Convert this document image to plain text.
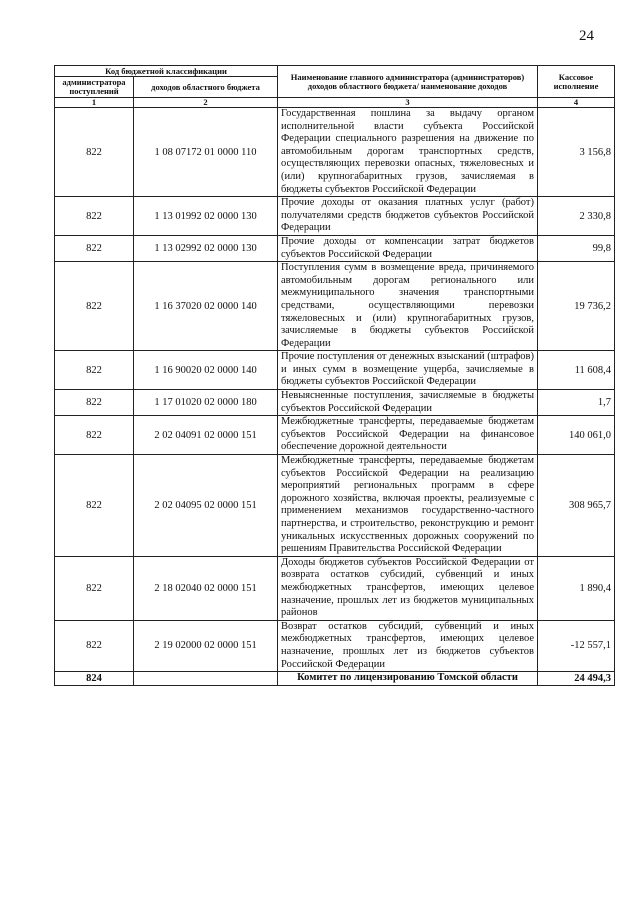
24
Код бюджетной классификации		Наименование главного администратора (администраторов) доходов областного бюджета/ наименование доходов	Кассовое исполнение
администратора поступлений	доходов областного бюджета		
1	2	3	4
822	1 08 07172 01 0000 110	Государственная пошлина за выдачу органом исполнительной власти субъекта Российской Федерации специального разрешения на движение по автомобильным дорогам транспортных средств, осуществляющих перевозки опасных, тяжеловесных и (или) крупногабаритных грузов, зачисляемая в бюджеты субъектов Российской Федерации	3 156,8
822	1 13 01992 02 0000 130	Прочие доходы от оказания платных услуг (работ) получателями средств бюджетов субъектов Российской Федерации	2 330,8
822	1 13 02992 02 0000 130	Прочие доходы от компенсации затрат бюджетов субъектов Российской Федерации	99,8
822	1 16 37020 02 0000 140	Поступления сумм в возмещение вреда, причиняемого автомобильным дорогам регионального или межмуниципального значения транспортными средствами, осуществляющими перевозки тяжеловесных и (или) крупногабаритных грузов, зачисляемые в бюджеты субъектов Российской Федерации	19 736,2
822	1 16 90020 02 0000 140	Прочие поступления от денежных взысканий (штрафов) и иных сумм в возмещение ущерба, зачисляемые в бюджеты субъектов Российской Федерации	11 608,4
822	1 17 01020 02 0000 180	Невыясненные поступления, зачисляемые в бюджеты субъектов Российской Федерации	1,7
822	2 02 04091 02 0000 151	Межбюджетные трансферты, передаваемые бюджетам субъектов Российской Федерации на финансовое обеспечение дорожной деятельности	140 061,0
822	2 02 04095 02 0000 151	Межбюджетные трансферты, передаваемые бюджетам субъектов Российской Федерации на реализацию мероприятий региональных программ в сфере дорожного хозяйства, включая проекты, реализуемые с применением механизмов государственно-частного партнерства, и строительство, реконструкцию и ремонт уникальных искусственных дорожных сооружений по решениям Правительства Российской Федерации	308 965,7
822	2 18 02040 02 0000 151	Доходы бюджетов субъектов Российской Федерации от возврата остатков субсидий, субвенций и иных межбюджетных трансфертов, имеющих целевое назначение, прошлых лет из бюджетов муниципальных районов	1 890,4
822	2 19 02000 02 0000 151	Возврат остатков субсидий, субвенций и иных межбюджетных трансфертов, имеющих целевое назначение, прошлых лет из бюджетов субъектов Российской Федерации	-12 557,1
824		Комитет по лицензированию Томской области	24 494,3
